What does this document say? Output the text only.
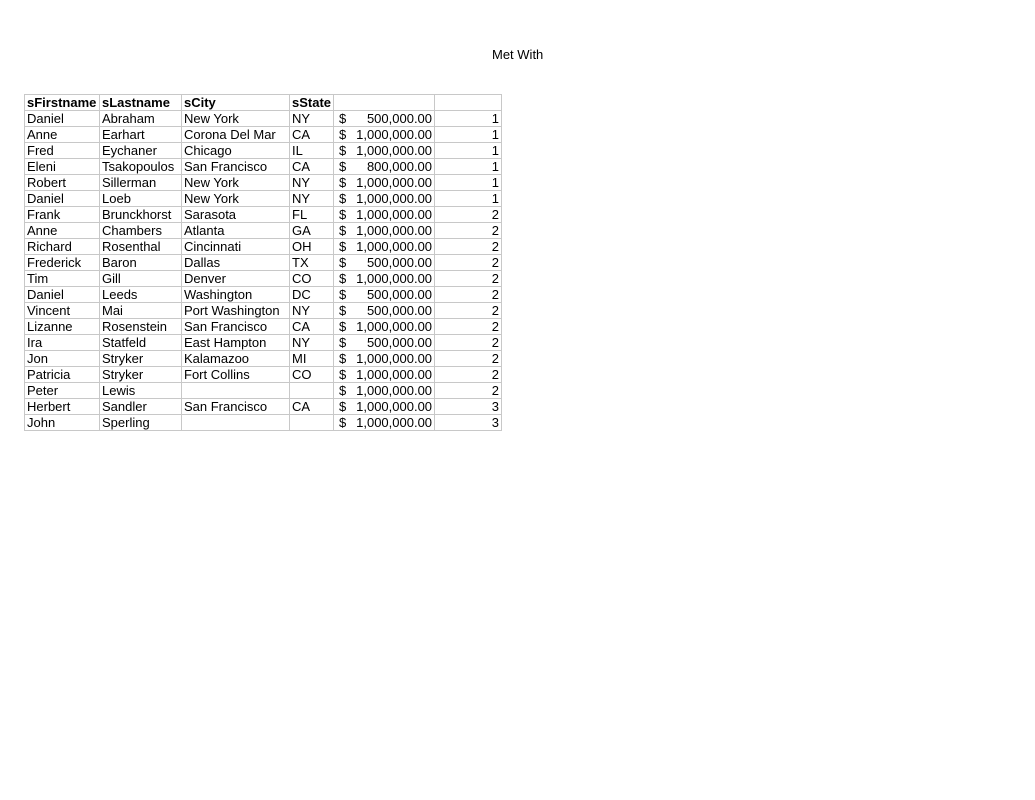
Met With
sFirstname	sLastname	sCity	sState		
Daniel	Abraham	New York	NY	$ 500,000.00	1
Anne	Earhart	Corona Del Mar	CA	$ 1,000,000.00	1
Fred	Eychaner	Chicago	IL	$ 1,000,000.00	1
Eleni	Tsakopoulos	San Francisco	CA	$ 800,000.00	1
Robert	Sillerman	New York	NY	$ 1,000,000.00	1
Daniel	Loeb	New York	NY	$ 1,000,000.00	1
Frank	Brunckhorst	Sarasota	FL	$ 1,000,000.00	2
Anne	Chambers	Atlanta	GA	$ 1,000,000.00	2
Richard	Rosenthal	Cincinnati	OH	$ 1,000,000.00	2
Frederick	Baron	Dallas	TX	$ 500,000.00	2
Tim	Gill	Denver	CO	$ 1,000,000.00	2
Daniel	Leeds	Washington	DC	$ 500,000.00	2
Vincent	Mai	Port Washington	NY	$ 500,000.00	2
Lizanne	Rosenstein	San Francisco	CA	$ 1,000,000.00	2
Ira	Statfeld	East Hampton	NY	$ 500,000.00	2
Jon	Stryker	Kalamazoo	MI	$ 1,000,000.00	2
Patricia	Stryker	Fort Collins	CO	$ 1,000,000.00	2
Peter	Lewis			$ 1,000,000.00	2
Herbert	Sandler	San Francisco	CA	$ 1,000,000.00	3
John	Sperling			$ 1,000,000.00	3
